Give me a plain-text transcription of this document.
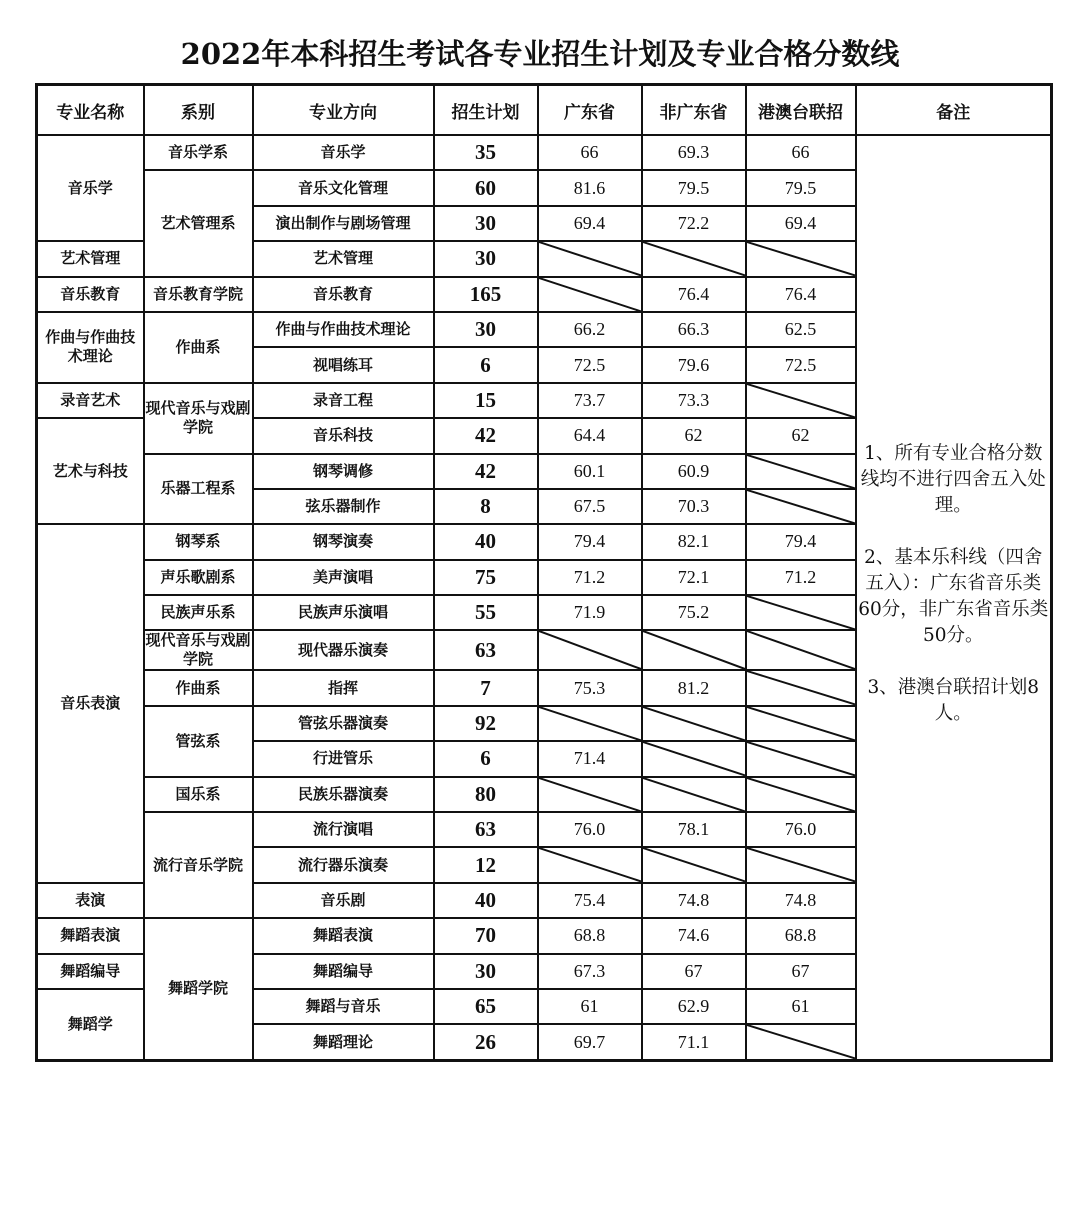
2022年本科招生考试各专业招生计划及专业合格分数线
专业名称	系别	专业方向	招生计划	广东省	非广东省	港澳台联招	备注
音乐学	音乐学系	音乐学	35	66	69.3	66	1、所有专业合格分数线均不进行四舍五入处理。

2、基本乐科线（四舍五入）：广东省音乐类60分，非广东省音乐类50分。

3、港澳台联招计划8人。

	艺术管理系	音乐文化管理	60	81.6	79.5	79.5	
		演出制作与剧场管理	30	69.4	72.2	69.4	
艺术管理		艺术管理	30	

音乐教育	音乐教育学院	音乐教育	165		76.4	76.4	
作曲与作曲技术理论	作曲系	作曲与作曲技术理论	30	66.2	66.3	62.5	
		视唱练耳	6	72.5	79.6	72.5	
录音艺术	现代音乐与戏剧学院	录音工程	15	73.7	73.3	

艺术与科技		音乐科技	42	64.4	62	62	
	乐器工程系	钢琴调修	42	60.1	60.9	

		弦乐器制作	8	67.5	70.3	

音乐表演	钢琴系	钢琴演奏	40	79.4	82.1	79.4	
	声乐歌剧系	美声演唱	75	71.2	72.1	71.2	
	民族声乐系	民族声乐演唱	55	71.9	75.2	

	现代音乐与戏剧学院	现代器乐演奏	63	

	作曲系	指挥	7	75.3	81.2	

	管弦系	管弦乐器演奏	92	

		行进管乐	6	71.4	

	国乐系	民族乐器演奏	80	

	流行音乐学院	流行演唱	63	76.0	78.1	76.0	
		流行器乐演奏	12	

表演		音乐剧	40	75.4	74.8	74.8	
舞蹈表演	舞蹈学院	舞蹈表演	70	68.8	74.6	68.8	
舞蹈编导		舞蹈编导	30	67.3	67	67	
舞蹈学		舞蹈与音乐	65	61	62.9	61	
		舞蹈理论	26	69.7	71.1	
